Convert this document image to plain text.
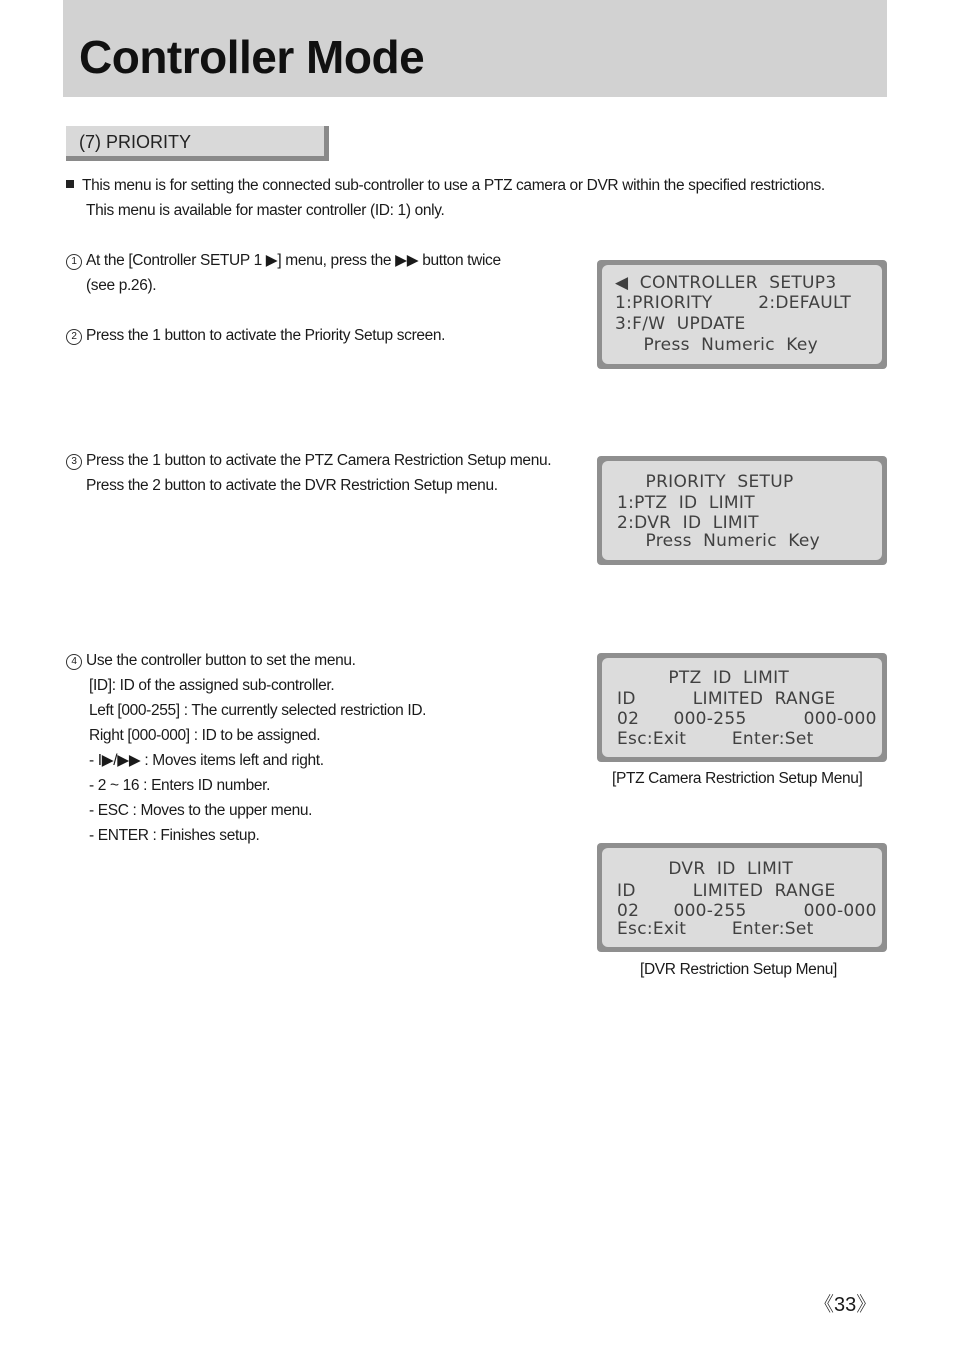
Controller Mode
(7) PRIORITY
This menu is for setting the connected sub-controller to use a PTZ camera or DVR within the specified restrictions.
This menu is available for master controller (ID: 1) only.
1 At the [Controller SETUP 1 ▶] menu, press the ▶▶ button twice
(see p.26).
2 Press the 1 button to activate the Priority Setup screen.
3 Press the 1 button to activate the PTZ Camera Restriction Setup menu.
Press the 2 button to activate the DVR Restriction Setup menu.
4 Use the controller button to set the menu.
[ID]: ID of the assigned sub-controller.
Left [000-255] : The currently selected restriction ID.
Right [000-000] : ID to be assigned.
- I▶/▶▶ : Moves items left and right.
- 2 ~ 16 : Enters ID number.
- ESC : Moves to the upper menu.
- ENTER : Finishes setup.
◀  CONTROLLER  SETUP3
1:PRIORITY        2:DEFAULT
3:F/W  UPDATE
Press  Numeric  Key
PRIORITY  SETUP
1:PTZ  ID  LIMIT
2:DVR  ID  LIMIT
Press  Numeric  Key
PTZ  ID  LIMIT
ID          LIMITED  RANGE
02      000-255          000-000
Esc:Exit        Enter:Set
[PTZ Camera Restriction Setup Menu]
DVR  ID  LIMIT
ID          LIMITED  RANGE
02      000-255          000-000
Esc:Exit        Enter:Set
[DVR Restriction Setup Menu]
《33》
